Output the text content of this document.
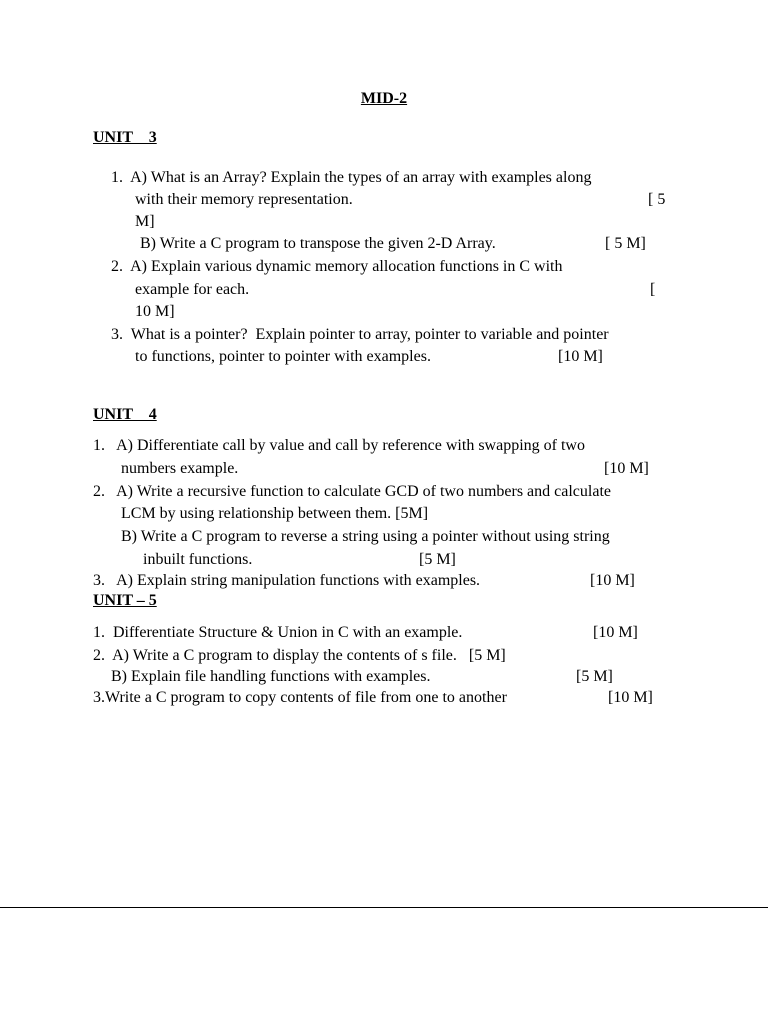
MID-2
UNIT    3
1.  A) What is an Array? Explain the types of an array with examples along
with their memory representation.	[ 5
M]
B) Write a C program to transpose the given 2-D Array.	[ 5 M]
2.  A) Explain various dynamic memory allocation functions in C with
example for each.	[
10 M]
3.  What is a pointer?  Explain pointer to array, pointer to variable and pointer
to functions, pointer to pointer with examples.	[10 M]
UNIT    4
1.   A) Differentiate call by value and call by reference with swapping of two
numbers example.	[10 M]
2.   A) Write a recursive function to calculate GCD of two numbers and calculate
LCM by using relationship between them. [5M]
B) Write a C program to reverse a string using a pointer without using string
inbuilt functions.	[5 M]
3.   A) Explain string manipulation functions with examples.	[10 M]
UNIT – 5
1.  Differentiate Structure & Union in C with an example.	[10 M]
2.  A) Write a C program to display the contents of s file.   [5 M]
B) Explain file handling functions with examples.	[5 M]
3.Write a C program to copy contents of file from one to another	[10 M]
